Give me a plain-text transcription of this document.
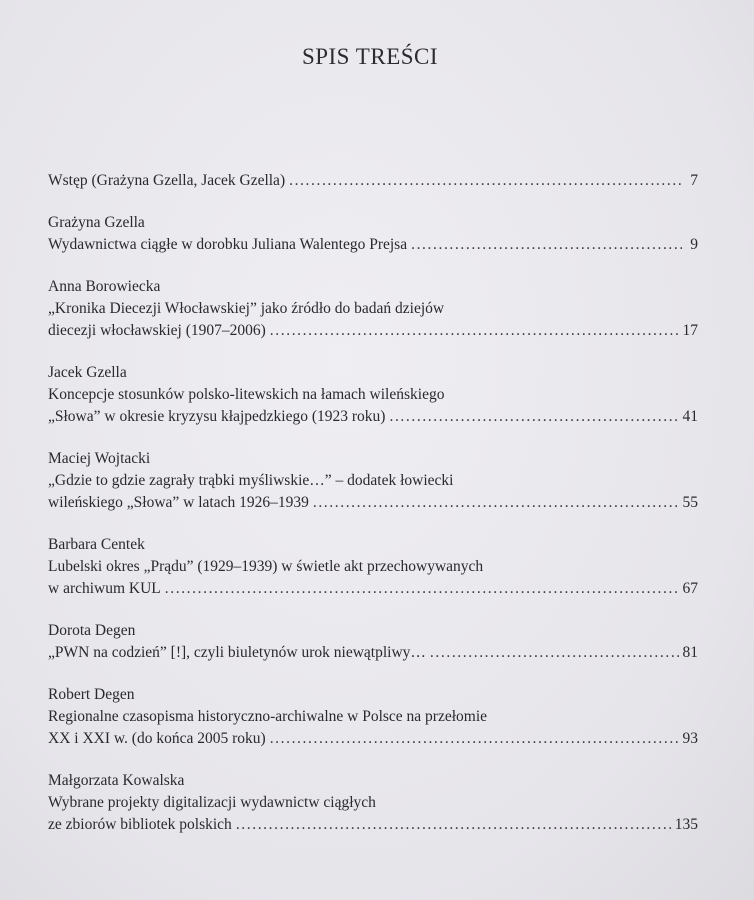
SPIS TREŚCI
Wstęp (Grażyna Gzella, Jacek Gzella) .....	7
Grażyna Gzella
Wydawnictwa ciągłe w dorobku Juliana Walentego Prejsa .....	9
Anna Borowiecka
„Kronika Diecezji Włocławskiej” jako źródło do badań dziejów
diecezji włocławskiej (1907–2006) .....	17
Jacek Gzella
Koncepcje stosunków polsko-litewskich na łamach wileńskiego
„Słowa” w okresie kryzysu kłajpedzkiego (1923 roku) .....	41
Maciej Wojtacki
„Gdzie to gdzie zagrały trąbki myśliwskie…” – dodatek łowiecki
wileńskiego „Słowa” w latach 1926–1939 .....	55
Barbara Centek
Lubelski okres „Prądu” (1929–1939) w świetle akt przechowywanych
w archiwum KUL .....	67
Dorota Degen
„PWN na codzień” [!], czyli biuletynów urok niewątpliwy… .....	81
Robert Degen
Regionalne czasopisma historyczno-archiwalne w Polsce na przełomie
XX i XXI w. (do końca 2005 roku) .....	93
Małgorzata Kowalska
Wybrane projekty digitalizacji wydawnictw ciągłych
ze zbiorów bibliotek polskich .....	135
